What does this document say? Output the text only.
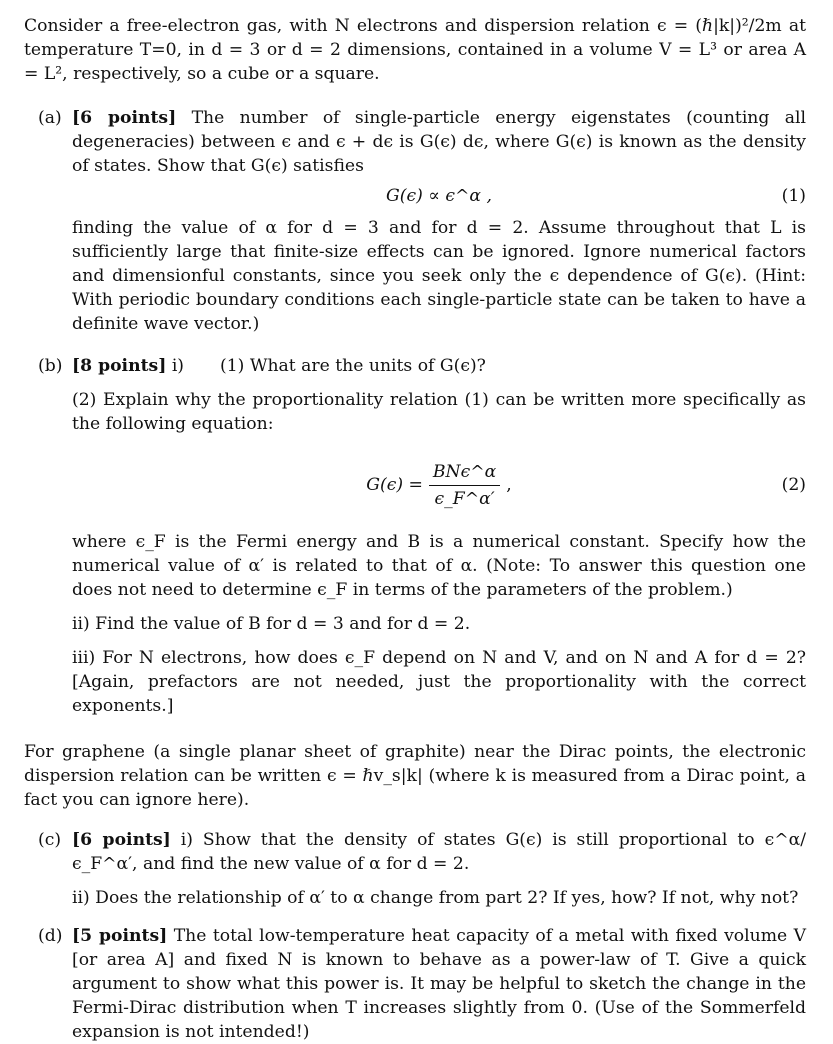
Consider a free-electron gas, with N electrons and dispersion relation ϵ = (ℏ|k|)²/2m at temperature T=0, in d = 3 or d = 2 dimensions, contained in a volume V = L³ or area A = L², respectively, so a cube or a square.

(a) [6 points] The number of single-particle energy eigenstates (counting all degeneracies) between ϵ and ϵ + dϵ is G(ϵ) dϵ, where G(ϵ) is known as the density of states. Show that G(ϵ) satisfies

G(ϵ) ∝ ϵ^α ,	(1)

finding the value of α for d = 3 and for d = 2. Assume throughout that L is sufficiently large that finite-size effects can be ignored. Ignore numerical factors and dimensionful constants, since you seek only the ϵ dependence of G(ϵ). (Hint: With periodic boundary conditions each single-particle state can be taken to have a definite wave vector.)

(b) [8 points] i) (1) What are the units of G(ϵ)?

(2) Explain why the proportionality relation (1) can be written more specifically as the following equation:

$G(\epsilon) = \frac{\text{BNϵ\textasciicircum{}α}}{\epsilon\_F\^{}\alpha'}$ ,	(2)

where ϵ_F is the Fermi energy and B is a numerical constant. Specify how the numerical value of α′ is related to that of α. (Note: To answer this question one does not need to determine ϵ_F in terms of the parameters of the problem.)

ii) Find the value of B for d = 3 and for d = 2.

iii) For N electrons, how does ϵ_F depend on N and V, and on N and A for d = 2? [Again, prefactors are not needed, just the proportionality with the correct exponents.]

For graphene (a single planar sheet of graphite) near the Dirac points, the electronic dispersion relation can be written ϵ = ℏv_s|k| (where k is measured from a Dirac point, a fact you can ignore here).

(c) [6 points] i) Show that the density of states G(ϵ) is still proportional to ϵ^α/ϵ_F^α′, and find the new value of α for d = 2.

ii) Does the relationship of α′ to α change from part 2? If yes, how? If not, why not?

(d) [5 points] The total low-temperature heat capacity of a metal with fixed volume V [or area A] and fixed N is known to behave as a power-law of T. Give a quick argument to show what this power is. It may be helpful to sketch the change in the Fermi-Dirac distribution when T increases slightly from 0. (Use of the Sommerfeld expansion is not intended!)
